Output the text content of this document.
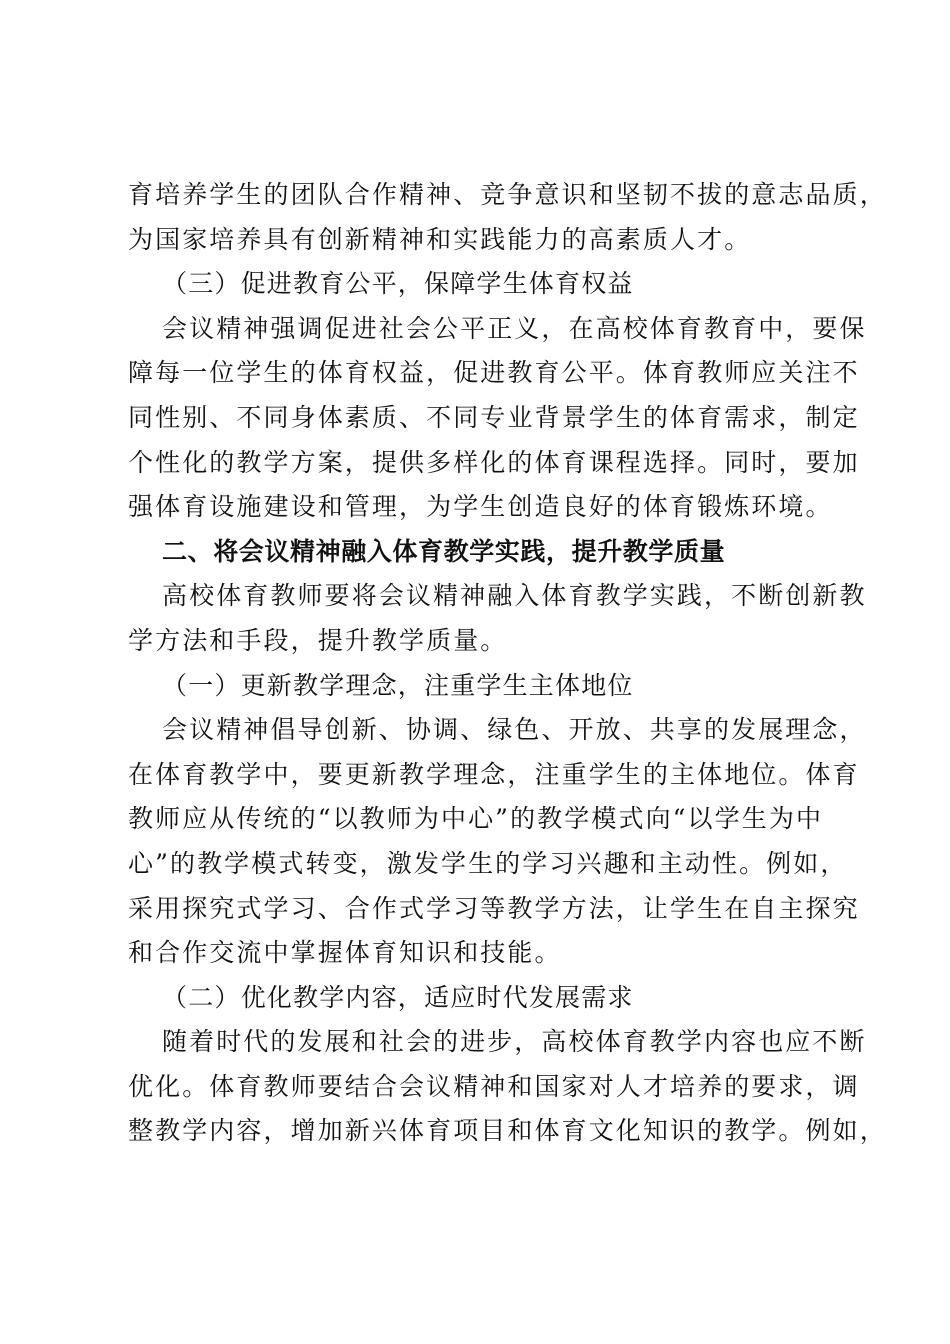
育培养学生的团队合作精神、竞争意识和坚韧不拔的意志品质，
为国家培养具有创新精神和实践能力的高素质人才。
（三）促进教育公平，保障学生体育权益
会议精神强调促进社会公平正义，在高校体育教育中，要保
障每一位学生的体育权益，促进教育公平。体育教师应关注不
同性别、不同身体素质、不同专业背景学生的体育需求，制定
个性化的教学方案，提供多样化的体育课程选择。同时，要加
强体育设施建设和管理，为学生创造良好的体育锻炼环境。
二、将会议精神融入体育教学实践，提升教学质量
高校体育教师要将会议精神融入体育教学实践，不断创新教
学方法和手段，提升教学质量。
（一）更新教学理念，注重学生主体地位
会议精神倡导创新、协调、绿色、开放、共享的发展理念，
在体育教学中，要更新教学理念，注重学生的主体地位。体育
教师应从传统的“以教师为中心”的教学模式向“以学生为中
心”的教学模式转变，激发学生的学习兴趣和主动性。例如，
采用探究式学习、合作式学习等教学方法，让学生在自主探究
和合作交流中掌握体育知识和技能。
（二）优化教学内容，适应时代发展需求
随着时代的发展和社会的进步，高校体育教学内容也应不断
优化。体育教师要结合会议精神和国家对人才培养的要求，调
整教学内容，增加新兴体育项目和体育文化知识的教学。例如，
